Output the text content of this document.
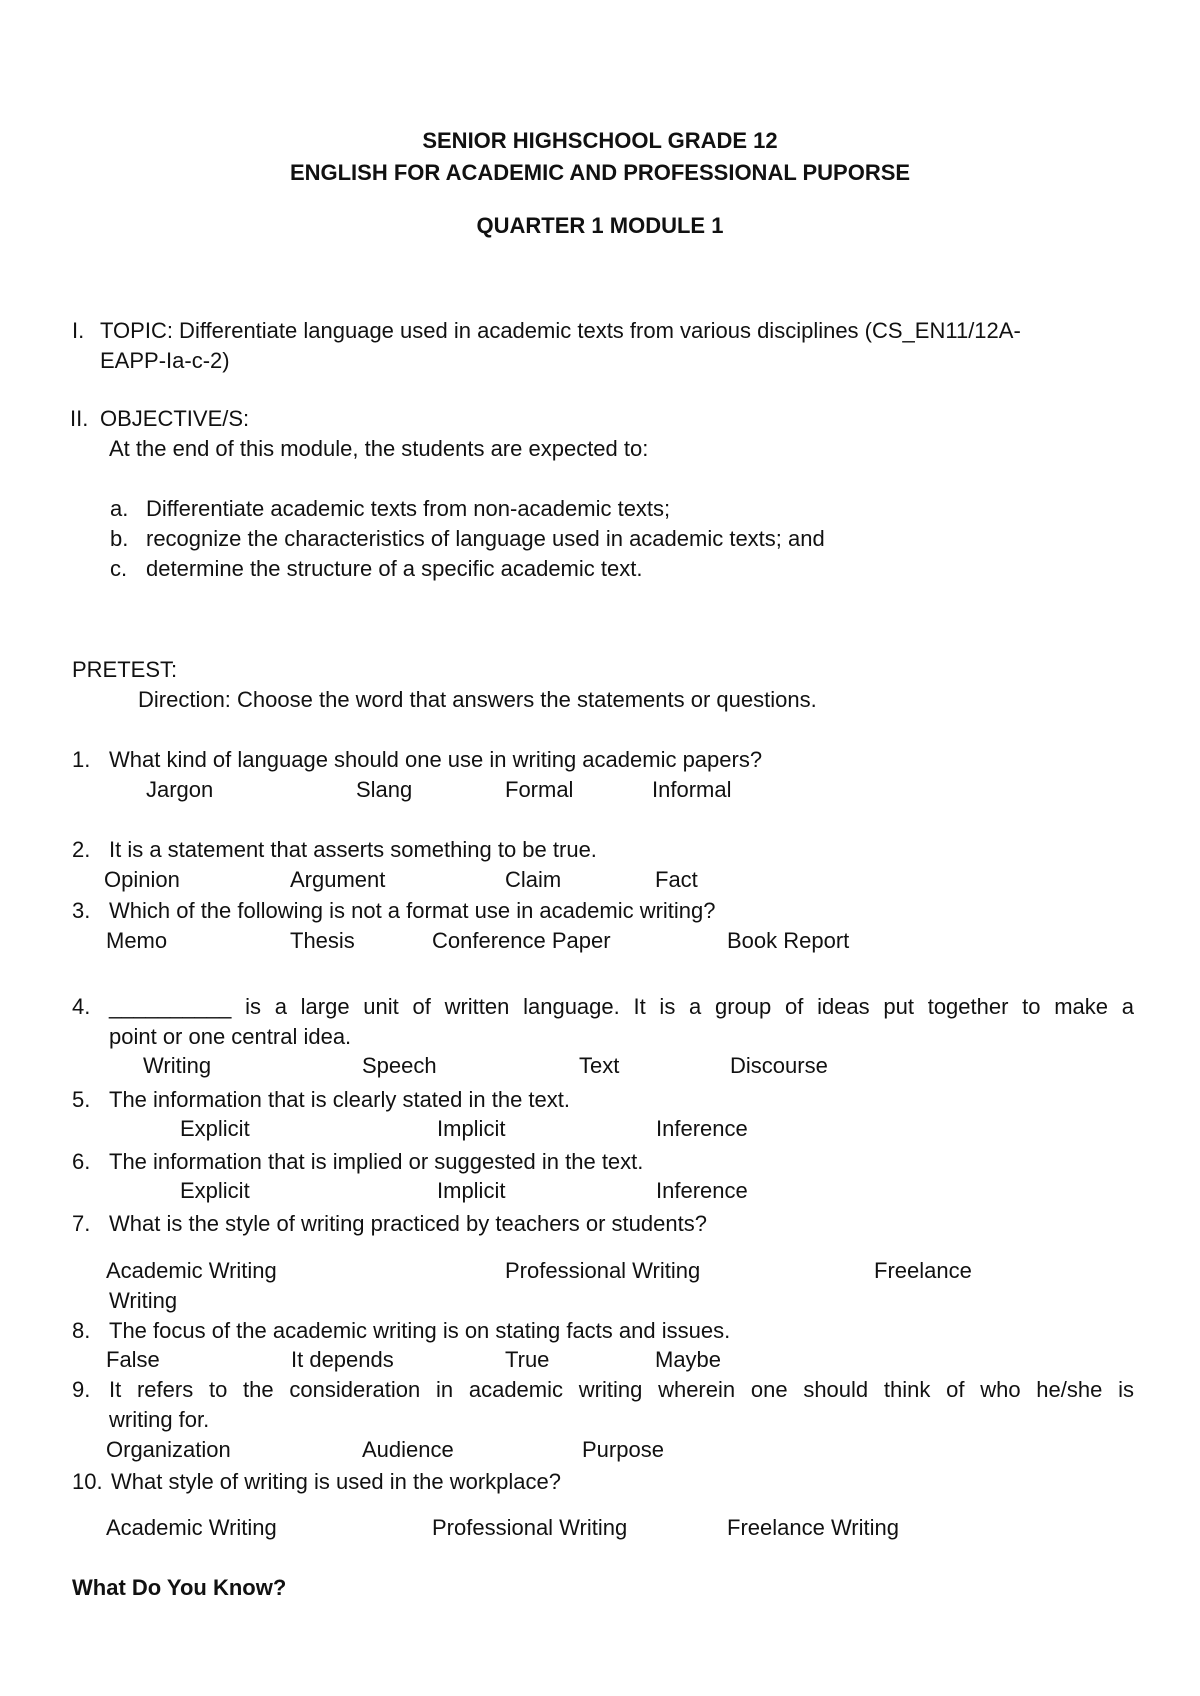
SENIOR HIGHSCHOOL GRADE 12
ENGLISH FOR ACADEMIC AND PROFESSIONAL PUPORSE
QUARTER 1 MODULE 1
I. TOPIC: Differentiate language used in academic texts from various disciplines (CS_EN11/12A-
EAPP-Ia-c-2)
II. OBJECTIVE/S:
At the end of this module, the students are expected to:
a. Differentiate academic texts from non-academic texts;
b. recognize the characteristics of language used in academic texts; and
c. determine the structure of a specific academic text.
PRETEST:
Direction: Choose the word that answers the statements or questions.
1. What kind of language should one use in writing academic papers?
Jargon	Slang	Formal	Informal
2. It is a statement that asserts something to be true.
Opinion	Argument	Claim	Fact
3. Which of the following is not a format use in academic writing?
Memo	Thesis	Conference Paper	Book Report
4. __________ is a large unit of written language. It is a group of ideas put together to make a
point or one central idea.
Writing	Speech	Text	Discourse
5. The information that is clearly stated in the text.
Explicit	Implicit	Inference
6. The information that is implied or suggested in the text.
Explicit	Implicit	Inference
7. What is the style of writing practiced by teachers or students?
Academic Writing	Professional Writing	Freelance
Writing
8. The focus of the academic writing is on stating facts and issues.
False	It depends	True	Maybe
9. It refers to the consideration in academic writing wherein one should think of who he/she is
writing for.
Organization	Audience	Purpose
10. What style of writing is used in the workplace?
Academic Writing	Professional Writing	Freelance Writing
What Do You Know?
